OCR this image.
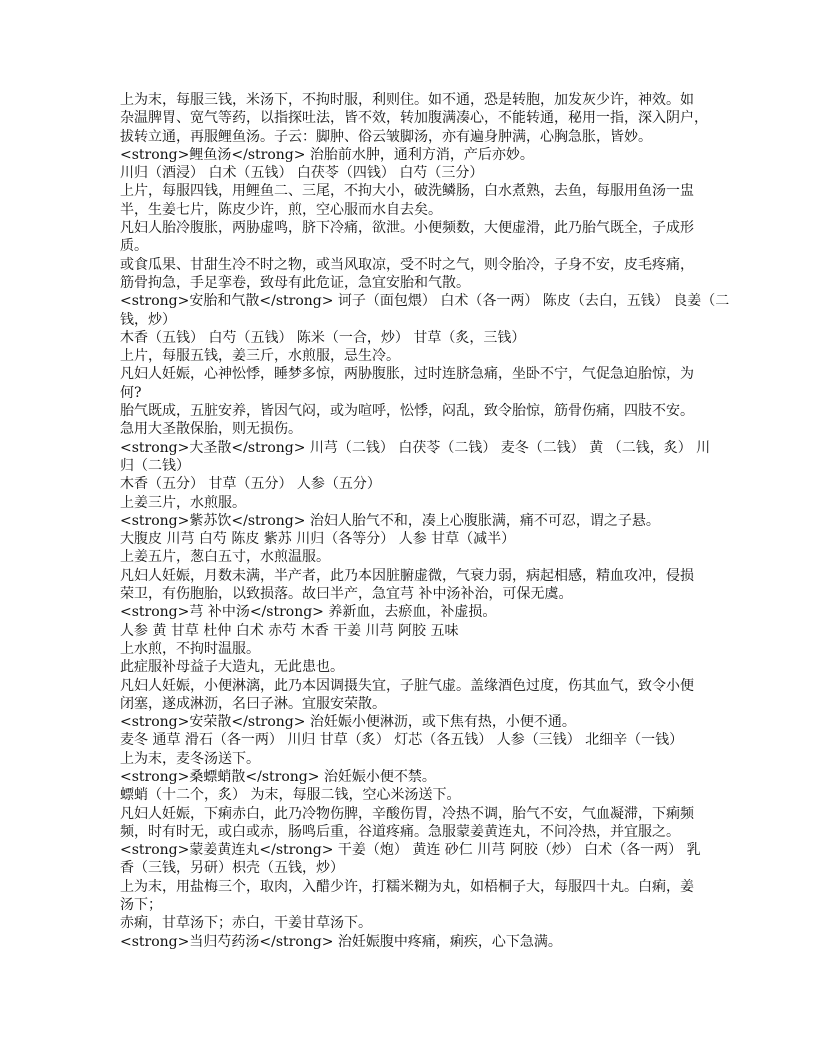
上为末，每服三钱，米汤下，不拘时服，利则住。如不通，恐是转胞，加发灰少许，神效。如
杂温脾胃、宽气等药，以指探吐法，皆不效，转加腹满凑心，不能转通，秘用一指，深入阴户，
拔转立通，再服鲤鱼汤。子云：脚肿、俗云皱脚汤，亦有遍身肿满，心胸急胀，皆妙。
<strong>鲤鱼汤</strong> 治胎前水肿，通利方消，产后亦妙。
川归（酒浸） 白术（五钱） 白茯苓（四钱） 白芍（三分）
上片，每服四钱，用鲤鱼二、三尾，不拘大小，破洗鳞肠，白水煮熟，去鱼，每服用鱼汤一盅
半，生姜七片，陈皮少许，煎，空心服而水自去矣。
凡妇人胎冷腹胀，两胁虚鸣，脐下冷痛，欲泄。小便频数，大便虚滑，此乃胎气既全，子成形
质。
或食瓜果、甘甜生冷不时之物，或当风取凉，受不时之气，则令胎冷，子身不安，皮毛疼痛，
筋骨拘急，手足挛卷，致母有此危证，急宜安胎和气散。
<strong>安胎和气散</strong> 诃子（面包煨） 白术（各一两） 陈皮（去白，五钱） 良姜（二
钱，炒）
木香（五钱） 白芍（五钱） 陈米（一合，炒） 甘草（炙，三钱）
上片，每服五钱，姜三斤，水煎服，忌生冷。
凡妇人妊娠，心神忪悸，睡梦多惊，两胁腹胀，过时连脐急痛，坐卧不宁，气促急迫胎惊，为
何?
胎气既成，五脏安养，皆因气闷，或为喧呼，忪悸，闷乱，致令胎惊，筋骨伤痛，四肢不安。
急用大圣散保胎，则无损伤。
<strong>大圣散</strong> 川芎（二钱） 白茯苓（二钱） 麦冬（二钱） 黄 （二钱，炙） 川
归（二钱）
木香（五分） 甘草（五分） 人参（五分）
上姜三片，水煎服。
<strong>紫苏饮</strong> 治妇人胎气不和，凑上心腹胀满，痛不可忍，谓之子悬。
大腹皮 川芎 白芍 陈皮 紫苏 川归（各等分） 人参 甘草（减半）
上姜五片，葱白五寸，水煎温服。
凡妇人妊娠，月数未满，半产者，此乃本因脏腑虚微，气衰力弱，病起相感，精血攻冲，侵损
荣卫，有伤胞胎，以致损落。故曰半产，急宜芎 补中汤补治，可保无虞。
<strong>芎 补中汤</strong> 养新血，去瘀血，补虚损。
人参 黄 甘草 杜仲 白术 赤芍 木香 干姜 川芎 阿胶 五味
上水煎，不拘时温服。
此症服补母益子大造丸，无此患也。
凡妇人妊娠，小便淋漓，此乃本因调摄失宜，子脏气虚。盖缘酒色过度，伤其血气，致令小便
闭塞，遂成淋沥，名曰子淋。宜服安荣散。
<strong>安荣散</strong> 治妊娠小便淋沥，或下焦有热，小便不通。
麦冬 通草 滑石（各一两） 川归 甘草（炙） 灯芯（各五钱） 人参（三钱） 北细辛（一钱）
上为末，麦冬汤送下。
<strong>桑螵蛸散</strong> 治妊娠小便不禁。
螵蛸（十二个，炙） 为末，每服二钱，空心米汤送下。
凡妇人妊娠，下痢赤白，此乃冷物伤脾，辛酸伤胃，冷热不调，胎气不安，气血凝滞，下痢频
频，时有时无，或白或赤，肠鸣后重，谷道疼痛。急服蒙姜黄连丸，不问冷热，并宜服之。
<strong>蒙姜黄连丸</strong> 干姜（炮） 黄连 砂仁 川芎 阿胶（炒） 白术（各一两） 乳
香（三钱，另研）枳壳（五钱，炒）
上为末，用盐梅三个，取肉，入醋少许，打糯米糊为丸，如梧桐子大，每服四十丸。白痢，姜
汤下；
赤痢，甘草汤下；赤白，干姜甘草汤下。
<strong>当归芍药汤</strong> 治妊娠腹中疼痛，痢疾，心下急满。
